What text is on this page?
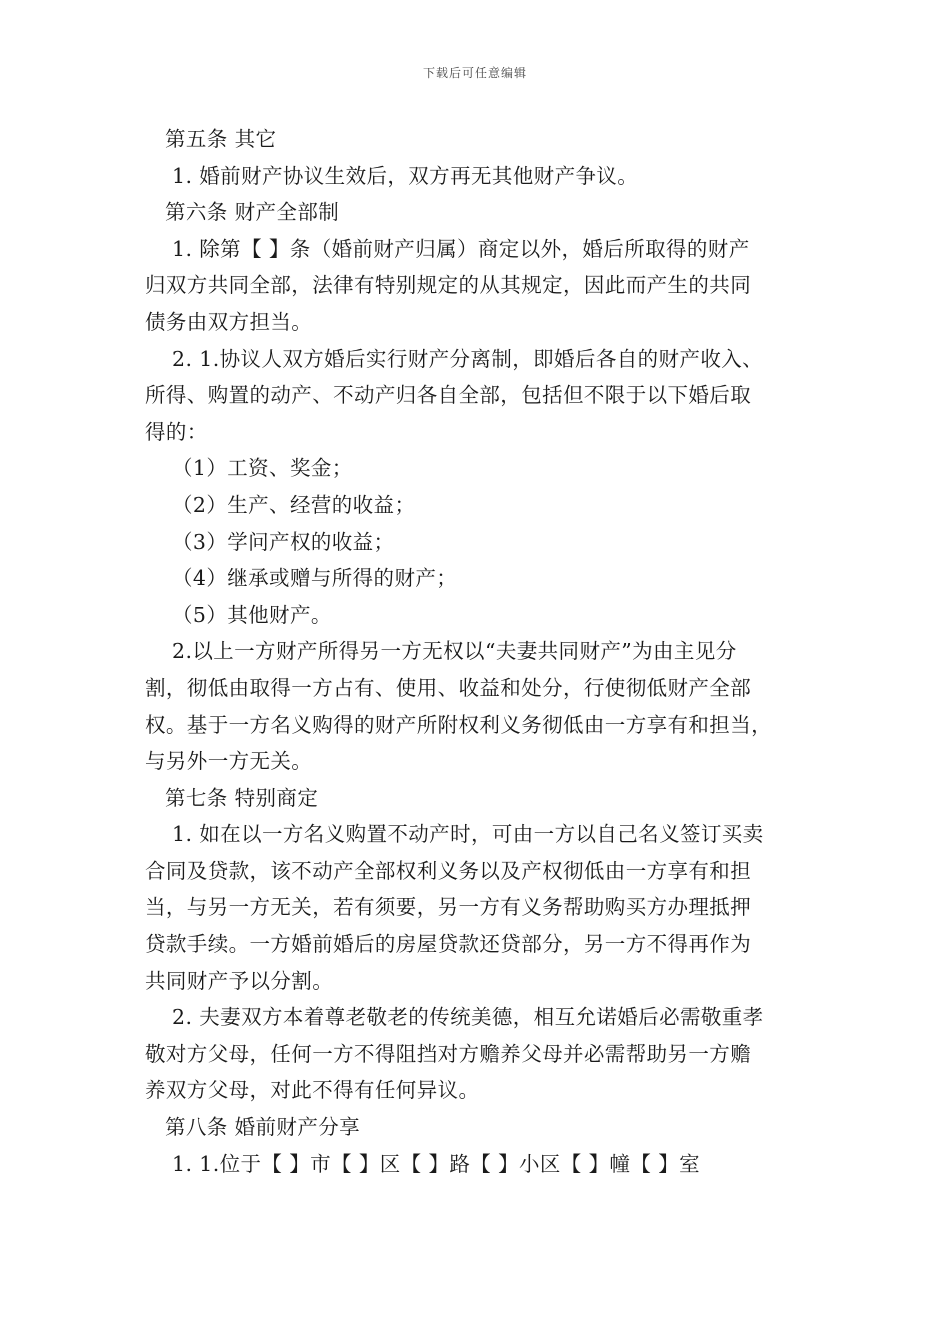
下载后可任意编辑
第五条 其它
1. 婚前财产协议生效后，双方再无其他财产争议。
第六条 财产全部制
1. 除第【 】条（婚前财产归属）商定以外，婚后所取得的财产
归双方共同全部，法律有特别规定的从其规定，因此而产生的共同
债务由双方担当。
2. 1.协议人双方婚后实行财产分离制，即婚后各自的财产收入、
所得、购置的动产、不动产归各自全部，包括但不限于以下婚后取
得的：
（1）工资、奖金；
（2）生产、经营的收益；
（3）学问产权的收益；
（4）继承或赠与所得的财产；
（5）其他财产。
2.以上一方财产所得另一方无权以“夫妻共同财产”为由主见分
割，彻低由取得一方占有、使用、收益和处分，行使彻低财产全部
权。基于一方名义购得的财产所附权利义务彻低由一方享有和担当，
与另外一方无关。
第七条 特别商定
1. 如在以一方名义购置不动产时，可由一方以自己名义签订买卖
合同及贷款，该不动产全部权利义务以及产权彻低由一方享有和担
当，与另一方无关，若有须要，另一方有义务帮助购买方办理抵押
贷款手续。一方婚前婚后的房屋贷款还贷部分，另一方不得再作为
共同财产予以分割。
2. 夫妻双方本着尊老敬老的传统美德，相互允诺婚后必需敬重孝
敬对方父母，任何一方不得阻挡对方赡养父母并必需帮助另一方赡
养双方父母，对此不得有任何异议。
第八条 婚前财产分享
1. 1.位于【 】市【 】区【 】路【 】小区【 】幢【 】室
